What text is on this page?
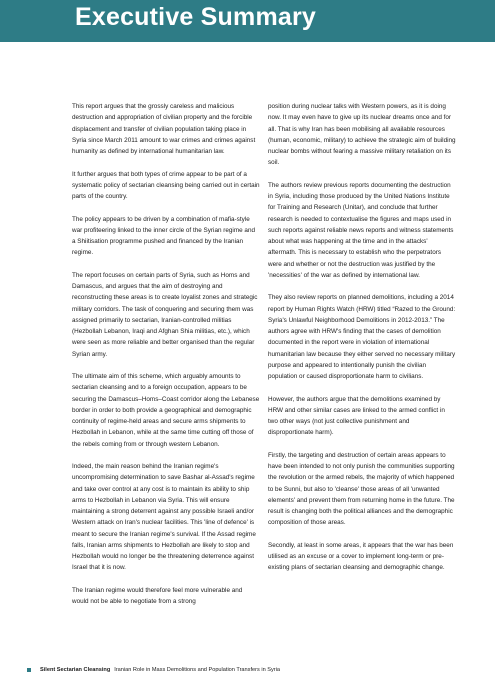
Executive Summary

This report argues that the grossly careless and malicious destruction and appropriation of civilian property and the forcible displacement and transfer of civilian population taking place in Syria since March 2011 amount to war crimes and crimes against humanity as defined by international humanitarian law.

It further argues that both types of crime appear to be part of a systematic policy of sectarian cleansing being carried out in certain parts of the country.

The policy appears to be driven by a combination of mafia-style war profiteering linked to the inner circle of the Syrian regime and a Shiitisation programme pushed and financed by the Iranian regime.

The report focuses on certain parts of Syria, such as Homs and Damascus, and argues that the aim of destroying and reconstructing these areas is to create loyalist zones and strategic military corridors. The task of conquering and securing them was assigned primarily to sectarian, Iranian-controlled militias (Hezbollah Lebanon, Iraqi and Afghan Shia militias, etc.), which were seen as more reliable and better organised than the regular Syrian army.

The ultimate aim of this scheme, which arguably amounts to sectarian cleansing and to a foreign occupation, appears to be securing the Damascus–Homs–Coast corridor along the Lebanese border in order to both provide a geographical and demographic continuity of regime-held areas and secure arms shipments to Hezbollah in Lebanon, while at the same time cutting off those of the rebels coming from or through western Lebanon.

Indeed, the main reason behind the Iranian regime's uncompromising determination to save Bashar al-Assad's regime and take over control at any cost is to maintain its ability to ship arms to Hezbollah in Lebanon via Syria. This will ensure maintaining a strong deterrent against any possible Israeli and/or Western attack on Iran's nuclear facilities. This 'line of defence' is meant to secure the Iranian regime's survival. If the Assad regime falls, Iranian arms shipments to Hezbollah are likely to stop and Hezbollah would no longer be the threatening deterrence against Israel that it is now.

The Iranian regime would therefore feel more vulnerable and would not be able to negotiate from a strong

position during nuclear talks with Western powers, as it is doing now. It may even have to give up its nuclear dreams once and for all. That is why Iran has been mobilising all available resources (human, economic, military) to achieve the strategic aim of building nuclear bombs without fearing a massive military retaliation on its soil.

The authors review previous reports documenting the destruction in Syria, including those produced by the United Nations Institute for Training and Research (Unitar), and conclude that further research is needed to contextualise the figures and maps used in such reports against reliable news reports and witness statements about what was happening at the time and in the attacks' aftermath. This is necessary to establish who the perpetrators were and whether or not the destruction was justified by the 'necessities' of the war as defined by international law.

They also review reports on planned demolitions, including a 2014 report by Human Rights Watch (HRW) titled “Razed to the Ground: Syria's Unlawful Neighborhood Demolitions in 2012-2013.” The authors agree with HRW's finding that the cases of demolition documented in the report were in violation of international humanitarian law because they either served no necessary military purpose and appeared to intentionally punish the civilian population or caused disproportionate harm to civilians.

However, the authors argue that the demolitions examined by HRW and other similar cases are linked to the armed conflict in two other ways (not just collective punishment and disproportionate harm).

Firstly, the targeting and destruction of certain areas appears to have been intended to not only punish the communities supporting the revolution or the armed rebels, the majority of which happened to be Sunni, but also to 'cleanse' those areas of all 'unwanted elements' and prevent them from returning home in the future. The result is changing both the political alliances and the demographic composition of those areas.

Secondly, at least in some areas, it appears that the war has been utilised as an excuse or a cover to implement long-term or pre-existing plans of sectarian cleansing and demographic change.

Silent Sectarian Cleansing Iranian Role in Mass Demolitions and Population Transfers in Syria
